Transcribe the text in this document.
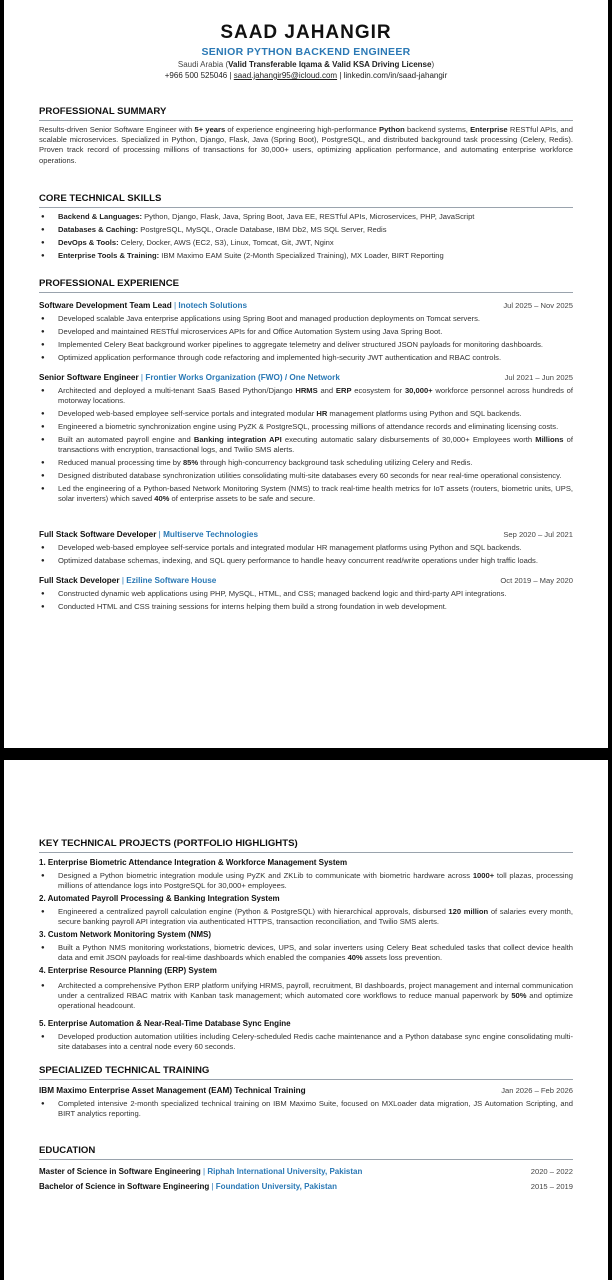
SAAD JAHANGIR
SENIOR PYTHON BACKEND ENGINEER
Saudi Arabia (Valid Transferable Iqama & Valid KSA Driving License)
+966 500 525046 | saad.jahangir95@icloud.com | linkedin.com/in/saad-jahangir
PROFESSIONAL SUMMARY

Results-driven Senior Software Engineer with 5+ years of experience engineering high-performance Python backend systems, Enterprise RESTful APIs, and scalable microservices. Specialized in Python, Django, Flask, Java (Spring Boot), PostgreSQL, and distributed background task processing (Celery, Redis). Proven track record of processing millions of transactions for 30,000+ users, optimizing application performance, and automating enterprise workforce operations.

CORE TECHNICAL SKILLS
● Backend & Languages: Python, Django, Flask, Java, Spring Boot, Java EE, RESTful APIs, Microservices, PHP, JavaScript
● Databases & Caching: PostgreSQL, MySQL, Oracle Database, IBM Db2, MS SQL Server, Redis
● DevOps & Tools: Celery, Docker, AWS (EC2, S3), Linux, Tomcat, Git, JWT, Nginx
● Enterprise Tools & Training: IBM Maximo EAM Suite (2-Month Specialized Training), MX Loader, BIRT Reporting
PROFESSIONAL EXPERIENCE
Software Development Team Lead | Inotech Solutions	Jul 2025 – Nov 2025
● Developed scalable Java enterprise applications using Spring Boot and managed production deployments on Tomcat servers.
● Developed and maintained RESTful microservices APIs for and Office Automation System using Java Spring Boot.
● Implemented Celery Beat background worker pipelines to aggregate telemetry and deliver structured JSON payloads for monitoring dashboards.
● Optimized application performance through code refactoring and implemented high-security JWT authentication and RBAC controls.
Senior Software Engineer | Frontier Works Organization (FWO) / One Network	Jul 2021 – Jun 2025
● Architected and deployed a multi-tenant SaaS Based Python/Django HRMS and ERP ecosystem for 30,000+ workforce personnel across hundreds of motorway locations.
● Developed web-based employee self-service portals and integrated modular HR management platforms using Python and SQL backends.
● Engineered a biometric synchronization engine using PyZK & PostgreSQL, processing millions of attendance records and eliminating licensing costs.
● Built an automated payroll engine and Banking integration API executing automatic salary disbursements of 30,000+ Employees worth Millions of transactions with encryption, transactional logs, and Twilio SMS alerts.
● Reduced manual processing time by 85% through high-concurrency background task scheduling utilizing Celery and Redis.
● Designed distributed database synchronization utilities consolidating multi-site databases every 60 seconds for near real-time operational consistency.
● Led the engineering of a Python-based Network Monitoring System (NMS) to track real-time health metrics for IoT assets (routers, biometric units, UPS, solar inverters) which saved 40% of enterprise assets to be safe and secure.
Full Stack Software Developer | Multiserve Technologies	Sep 2020 – Jul 2021
● Developed web-based employee self-service portals and integrated modular HR management platforms using Python and SQL backends.
● Optimized database schemas, indexing, and SQL query performance to handle heavy concurrent read/write operations under high traffic loads.
Full Stack Developer | Eziline Software House	Oct 2019 – May 2020
● Constructed dynamic web applications using PHP, MySQL, HTML, and CSS; managed backend logic and third-party API integrations.
● Conducted HTML and CSS training sessions for interns helping them build a strong foundation in web development.
KEY TECHNICAL PROJECTS (PORTFOLIO HIGHLIGHTS)
1. Enterprise Biometric Attendance Integration & Workforce Management System
● Designed a Python biometric integration module using PyZK and ZKLib to communicate with biometric hardware across 1000+ toll plazas, processing millions of attendance logs into PostgreSQL for 30,000+ employees.
2. Automated Payroll Processing & Banking Integration System
● Engineered a centralized payroll calculation engine (Python & PostgreSQL) with hierarchical approvals, disbursed 120 million of salaries every month, secure banking payroll API integration via authenticated HTTPS, transaction reconciliation, and Twilio SMS alerts.
3. Custom Network Monitoring System (NMS)
● Built a Python NMS monitoring workstations, biometric devices, UPS, and solar inverters using Celery Beat scheduled tasks that collect device health data and emit JSON payloads for real-time dashboards which enabled the companies 40% assets loss prevention.
4. Enterprise Resource Planning (ERP) System
● Architected a comprehensive Python ERP platform unifying HRMS, payroll, recruitment, BI dashboards, project management and internal communication under a centralized RBAC matrix with Kanban task management; which automated core workflows to reduce manual paperwork by 50% and optimize operational headcount.
5. Enterprise Automation & Near-Real-Time Database Sync Engine
● Developed production automation utilities including Celery-scheduled Redis cache maintenance and a Python database sync engine consolidating multi-site databases into a central node every 60 seconds.
SPECIALIZED TECHNICAL TRAINING
IBM Maximo Enterprise Asset Management (EAM) Technical Training	Jan 2026 – Feb 2026
● Completed intensive 2-month specialized technical training on IBM Maximo Suite, focused on MXLoader data migration, JS Automation Scripting, and BIRT analytics reporting.
EDUCATION
Master of Science in Software Engineering | Riphah International University, Pakistan	2020 – 2022
Bachelor of Science in Software Engineering | Foundation University, Pakistan	2015 – 2019
